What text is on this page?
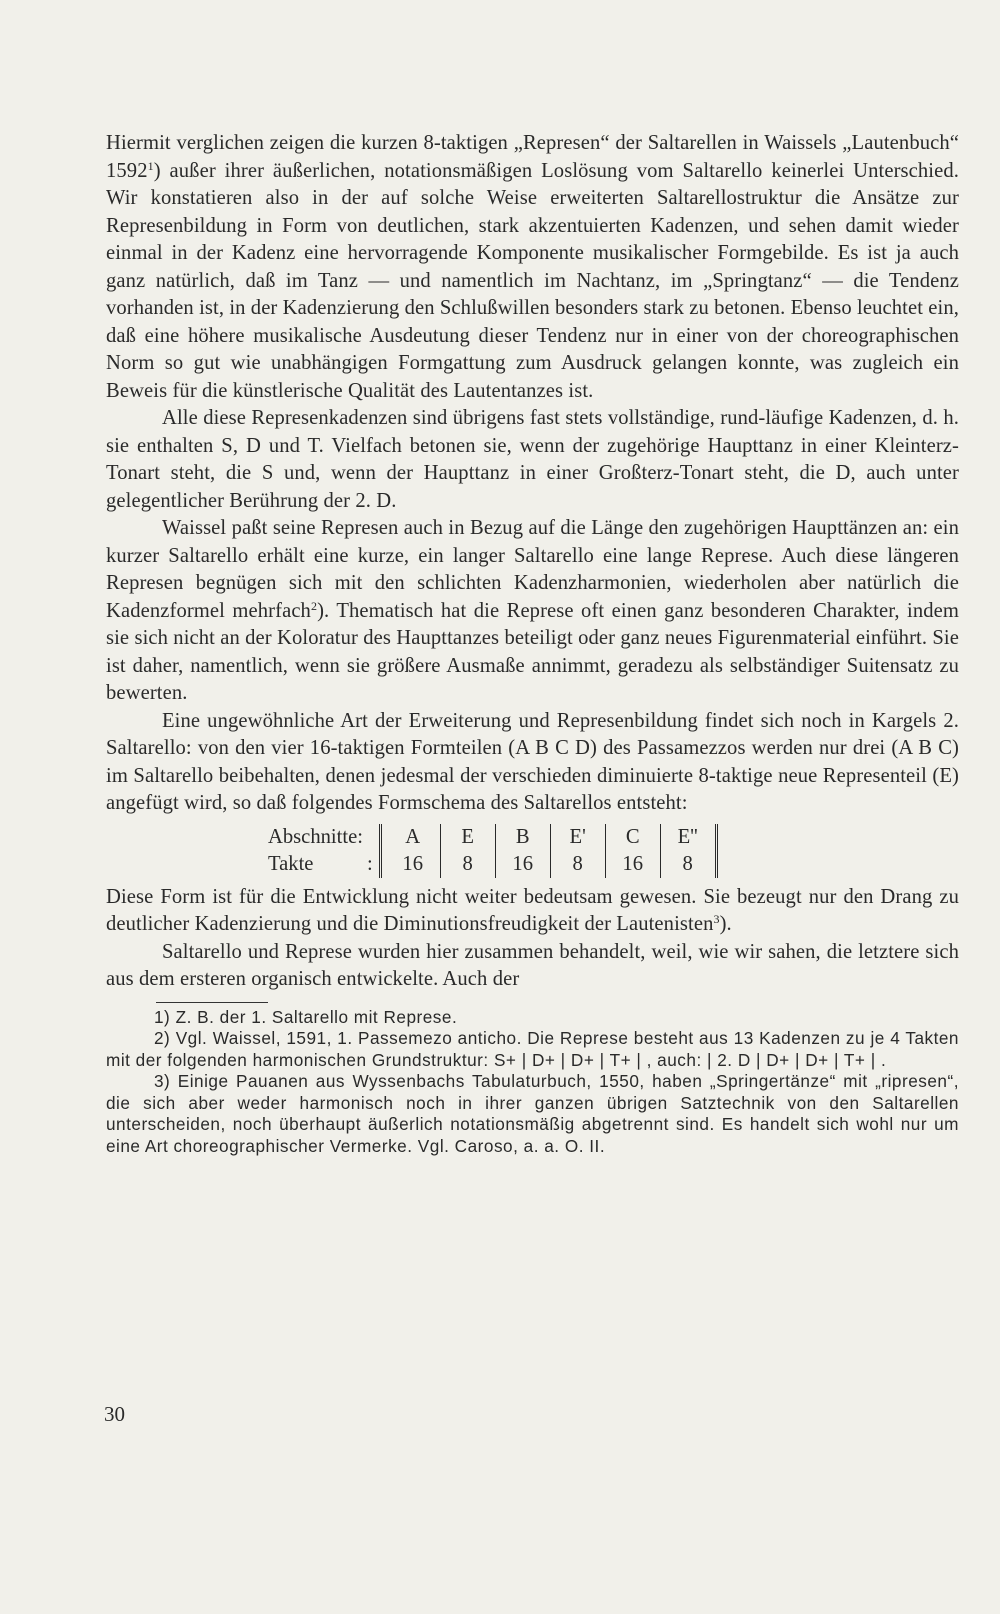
Hiermit verglichen zeigen die kurzen 8-taktigen „Represen“ der Saltarellen in Waissels „Lautenbuch“ 1592$^1$) außer ihrer äußerlichen, notationsmäßigen Loslösung vom Saltarello keinerlei Unterschied. Wir konstatieren also in der auf solche Weise erweiterten Saltarellostruktur die Ansätze zur Represenbildung in Form von deutlichen, stark akzentuierten Kadenzen, und sehen damit wieder einmal in der Kadenz eine hervorragende Komponente musikalischer Formgebilde. Es ist ja auch ganz natürlich, daß im Tanz — und namentlich im Nachtanz, im „Springtanz“ — die Tendenz vorhanden ist, in der Kadenzierung den Schlußwillen besonders stark zu betonen. Ebenso leuchtet ein, daß eine höhere musikalische Ausdeutung dieser Tendenz nur in einer von der choreographischen Norm so gut wie unabhängigen Formgattung zum Ausdruck gelangen konnte, was zugleich ein Beweis für die künstlerische Qualität des Lautentanzes ist.

Alle diese Represenkadenzen sind übrigens fast stets vollständige, rund-läufige Kadenzen, d. h. sie enthalten S, D und T. Vielfach betonen sie, wenn der zugehörige Haupttanz in einer Kleinterz-Tonart steht, die S und, wenn der Haupttanz in einer Großterz-Tonart steht, die D, auch unter gelegentlicher Berührung der 2. D.

Waissel paßt seine Represen auch in Bezug auf die Länge den zugehörigen Haupttänzen an: ein kurzer Saltarello erhält eine kurze, ein langer Saltarello eine lange Represe. Auch diese längeren Represen begnügen sich mit den schlichten Kadenzharmonien, wiederholen aber natürlich die Kadenzformel mehrfach$^2$). Thematisch hat die Represe oft einen ganz besonderen Charakter, indem sie sich nicht an der Koloratur des Haupttanzes beteiligt oder ganz neues Figurenmaterial einführt. Sie ist daher, namentlich, wenn sie größere Ausmaße annimmt, geradezu als selbständiger Suitensatz zu bewerten.

Eine ungewöhnliche Art der Erweiterung und Represenbildung findet sich noch in Kargels 2. Saltarello: von den vier 16-taktigen Formteilen (A B C D) des Passamezzos werden nur drei (A B C) im Saltarello beibehalten, denen jedesmal der verschieden diminuierte 8-taktige neue Representeil (E) angefügt wird, so daß folgendes Formschema des Saltarellos entsteht:

Abschnitte:			A	E	B	E'	C	E''
Takte	:		16	8	16	8	16	8

Diese Form ist für die Entwicklung nicht weiter bedeutsam gewesen. Sie bezeugt nur den Drang zu deutlicher Kadenzierung und die Diminutionsfreudigkeit der Lautenisten$^3$).

Saltarello und Represe wurden hier zusammen behandelt, weil, wie wir sahen, die letztere sich aus dem ersteren organisch entwickelte. Auch der

1) Z. B. der 1. Saltarello mit Represe.

2) Vgl. Waissel, 1591, 1. Passemezo anticho. Die Represe besteht aus 13 Kadenzen zu je 4 Takten mit der folgenden harmonischen Grundstruktur: S+ | D+ | D+ | T+ | , auch: | 2. D | D+ | D+ | T+ | .

3) Einige Pauanen aus Wyssenbachs Tabulaturbuch, 1550, haben „Springertänze“ mit „ripresen“, die sich aber weder harmonisch noch in ihrer ganzen übrigen Satztechnik von den Saltarellen unterscheiden, noch überhaupt äußerlich notationsmäßig abgetrennt sind. Es handelt sich wohl nur um eine Art choreographischer Vermerke. Vgl. Caroso, a. a. O. II.

30
